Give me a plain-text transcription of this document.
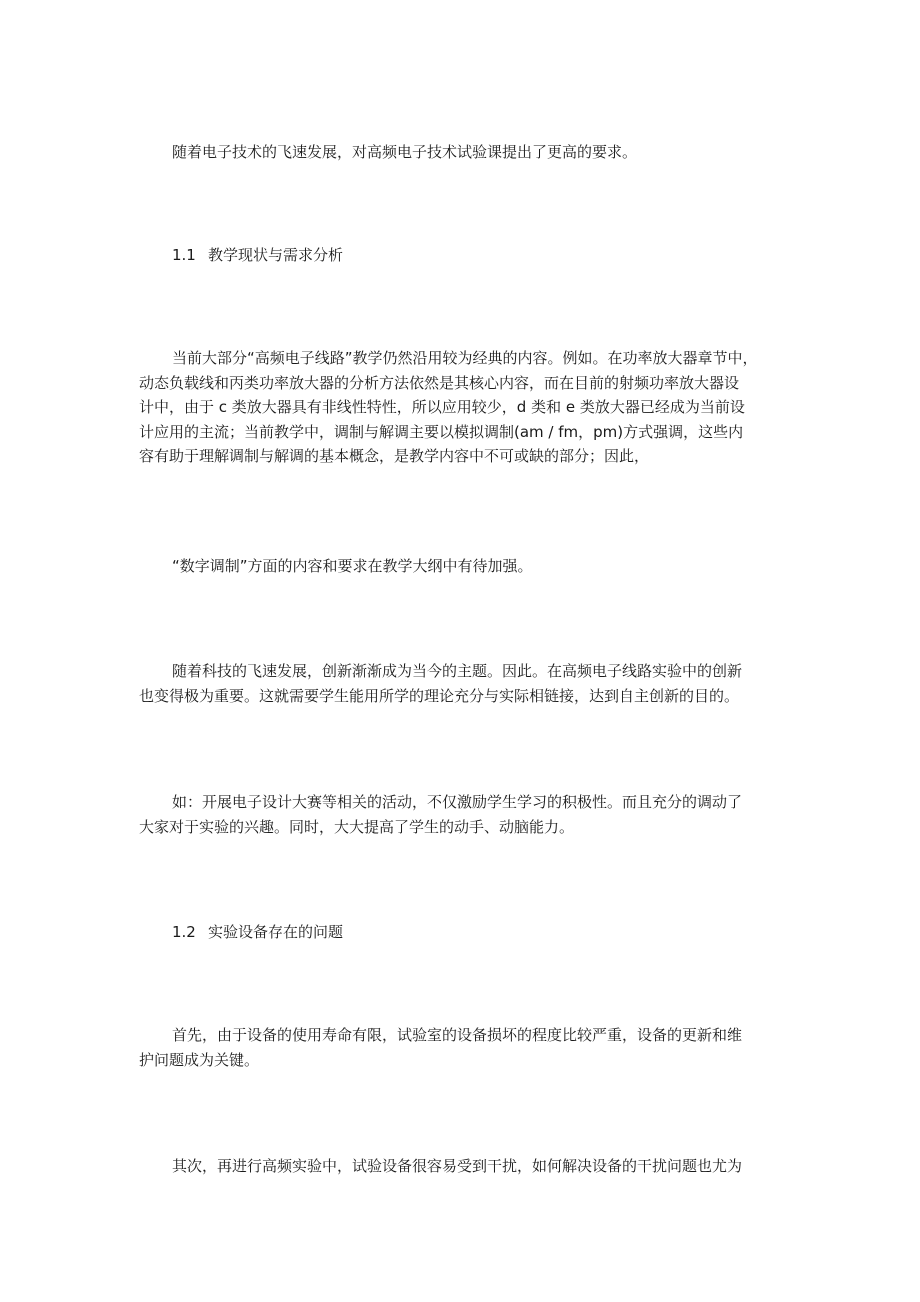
随着电子技术的飞速发展，对高频电子技术试验课提出了更高的要求。

1.1 教学现状与需求分析

当前大部分“高频电子线路”教学仍然沿用较为经典的内容。例如。在功率放大器章节中，
动态负载线和丙类功率放大器的分析方法依然是其核心内容，而在目前的射频功率放大器设
计中，由于 c 类放大器具有非线性特性，所以应用较少，d 类和 e 类放大器已经成为当前设
计应用的主流；当前教学中，调制与解调主要以模拟调制(am / fm，pm)方式强调，这些内
容有助于理解调制与解调的基本概念，是教学内容中不可或缺的部分；因此，

“数字调制”方面的内容和要求在教学大纲中有待加强。

随着科技的飞速发展，创新渐渐成为当今的主题。因此。在高频电子线路实验中的创新
也变得极为重要。这就需要学生能用所学的理论充分与实际相链接，达到自主创新的目的。

如：开展电子设计大赛等相关的活动，不仅激励学生学习的积极性。而且充分的调动了
大家对于实验的兴趣。同时，大大提高了学生的动手、动脑能力。

1.2 实验设备存在的问题

首先，由于设备的使用寿命有限，试验室的设备损坏的程度比较严重，设备的更新和维
护问题成为关键。

其次，再进行高频实验中，试验设备很容易受到干扰，如何解决设备的干扰问题也尤为
